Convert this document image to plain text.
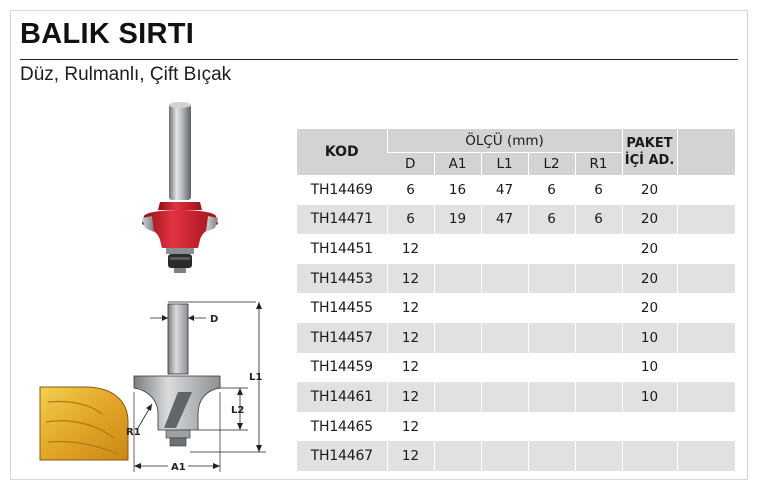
BALIK SIRTI

Düz, Rulmanlı, Çift Bıçak

D
L1
L2
R1
A1
KOD	ÖLÇÜ (mm)					PAKET
İÇİ AD.	
	D	A1	L1	L2	R1		
TH14469	6	16	47	6	6	20	
TH14471	6	19	47	6	6	20	
TH14451	12					20	
TH14453	12					20	
TH14455	12					20	
TH14457	12					10	
TH14459	12					10	
TH14461	12					10	
TH14465	12						
TH14467	12						
